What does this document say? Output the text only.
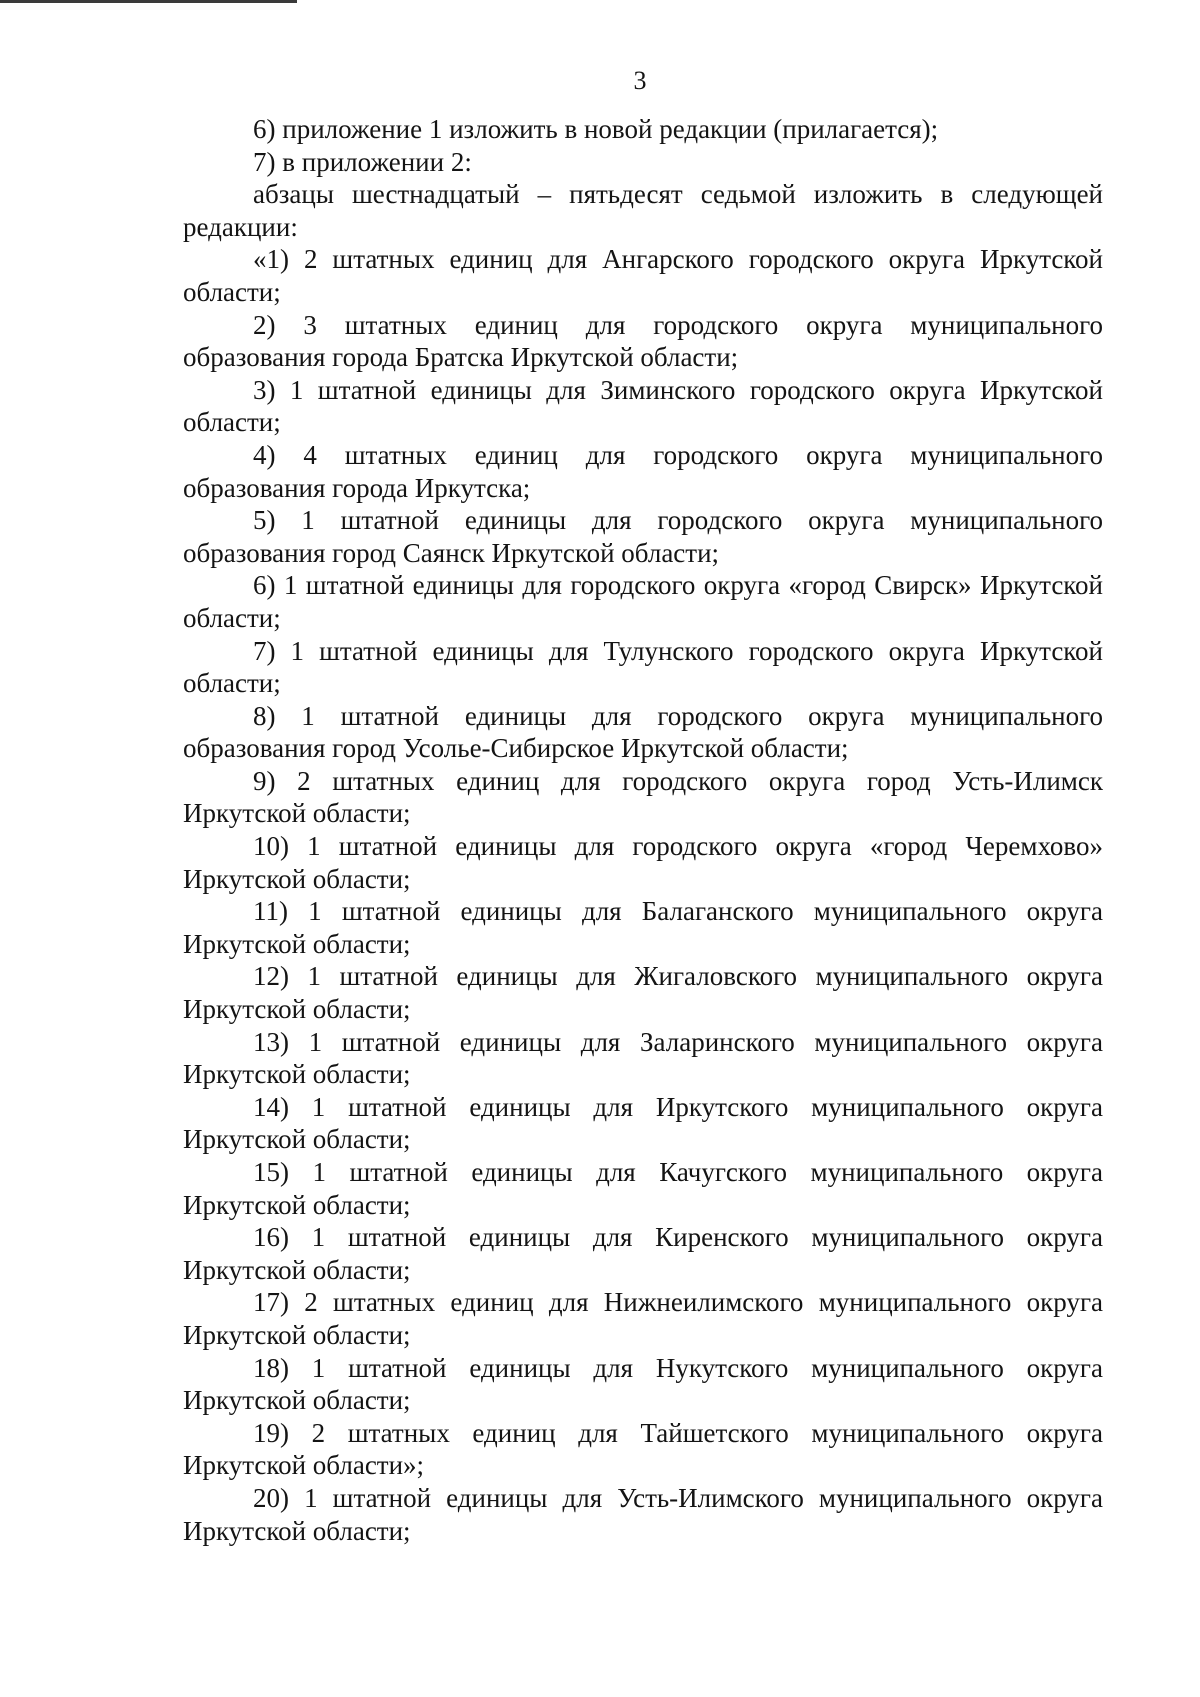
3

6) приложение 1 изложить в новой редакции (прилагается);

7) в приложении 2:

абзацы шестнадцатый – пятьдесят седьмой изложить в следующей редакции:

«1) 2 штатных единиц для Ангарского городского округа Иркутской области;

2) 3 штатных единиц для городского округа муниципального образования города Братска Иркутской области;

3) 1 штатной единицы для Зиминского городского округа Иркутской области;

4) 4 штатных единиц для городского округа муниципального образования города Иркутска;

5) 1 штатной единицы для городского округа муниципального образования город Саянск Иркутской области;

6) 1 штатной единицы для городского округа «город Свирск» Иркутской области;

7) 1 штатной единицы для Тулунского городского округа Иркутской области;

8) 1 штатной единицы для городского округа муниципального образования город Усолье-Сибирское Иркутской области;

9) 2 штатных единиц для городского округа город Усть-Илимск Иркутской области;

10) 1 штатной единицы для городского округа «город Черемхово» Иркутской области;

11) 1 штатной единицы для Балаганского муниципального округа Иркутской области;

12) 1 штатной единицы для Жигаловского муниципального округа Иркутской области;

13) 1 штатной единицы для Заларинского муниципального округа Иркутской области;

14) 1 штатной единицы для Иркутского муниципального округа Иркутской области;

15) 1 штатной единицы для Качугского муниципального округа Иркутской области;

16) 1 штатной единицы для Киренского муниципального округа Иркутской области;

17) 2 штатных единиц для Нижнеилимского муниципального округа Иркутской области;

18) 1 штатной единицы для Нукутского муниципального округа Иркутской области;

19) 2 штатных единиц для Тайшетского муниципального округа Иркутской области»;

20) 1 штатной единицы для Усть-Илимского муниципального округа Иркутской области;
